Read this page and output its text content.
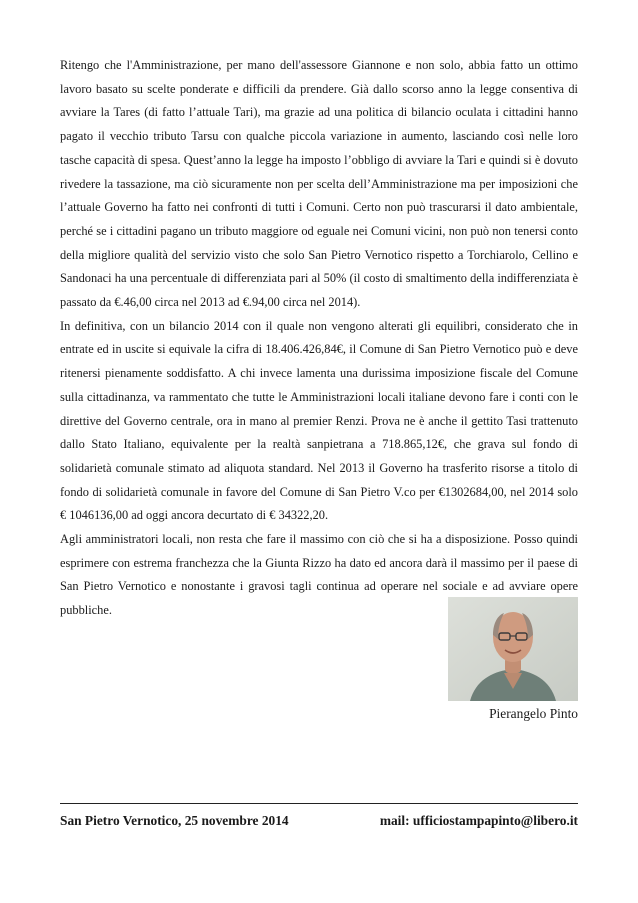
Ritengo che l'Amministrazione, per mano dell'assessore Giannone e non solo, abbia fatto un ottimo lavoro basato su scelte ponderate e difficili da prendere. Già dallo scorso anno la legge consentiva di avviare la Tares (di fatto l’attuale Tari), ma grazie ad una politica di bilancio oculata i cittadini hanno pagato il vecchio tributo Tarsu con qualche piccola variazione in aumento, lasciando così nelle loro tasche capacità di spesa. Quest’anno la legge ha imposto l’obbligo di avviare la Tari e quindi si è dovuto rivedere la tassazione, ma ciò sicuramente non per scelta dell’Amministrazione ma per imposizioni che l’attuale Governo ha fatto nei confronti di tutti i Comuni. Certo non può trascurarsi il dato ambientale, perché se i cittadini pagano un tributo maggiore od eguale nei Comuni vicini, non può non tenersi conto della migliore qualità del servizio visto che solo San Pietro Vernotico rispetto a Torchiarolo, Cellino e Sandonaci ha una percentuale di differenziata pari al 50% (il costo di smaltimento della indifferenziata è passato da €.46,00 circa nel 2013 ad €.94,00 circa nel 2014).

In definitiva, con un bilancio 2014 con il quale non vengono alterati gli equilibri, considerato che in entrate ed in uscite si equivale la cifra di 18.406.426,84€, il Comune di San Pietro Vernotico può e deve ritenersi pienamente soddisfatto. A chi invece lamenta una durissima imposizione fiscale del Comune sulla cittadinanza, va rammentato che tutte le Amministrazioni locali italiane devono fare i conti con le direttive del Governo centrale, ora in mano al premier Renzi. Prova ne è anche il gettito Tasi trattenuto dallo Stato Italiano, equivalente per la realtà sanpietrana a 718.865,12€, che grava sul fondo di solidarietà comunale stimato ad aliquota standard. Nel 2013 il Governo ha trasferito risorse a titolo di fondo di solidarietà comunale in favore del Comune di San Pietro V.co per €1302684,00, nel 2014 solo € 1046136,00 ad oggi ancora decurtato di € 34322,20.

Agli amministratori locali, non resta che fare il massimo con ciò che si ha a disposizione. Posso quindi esprimere con estrema franchezza che la Giunta Rizzo ha dato ed ancora darà il massimo per il paese di San Pietro Vernotico e nonostante i gravosi tagli continua ad operare nel sociale e ad avviare opere pubbliche.

Pierangelo Pinto
San Pietro Vernotico, 25 novembre 2014	mail: ufficiostampapinto@libero.it
